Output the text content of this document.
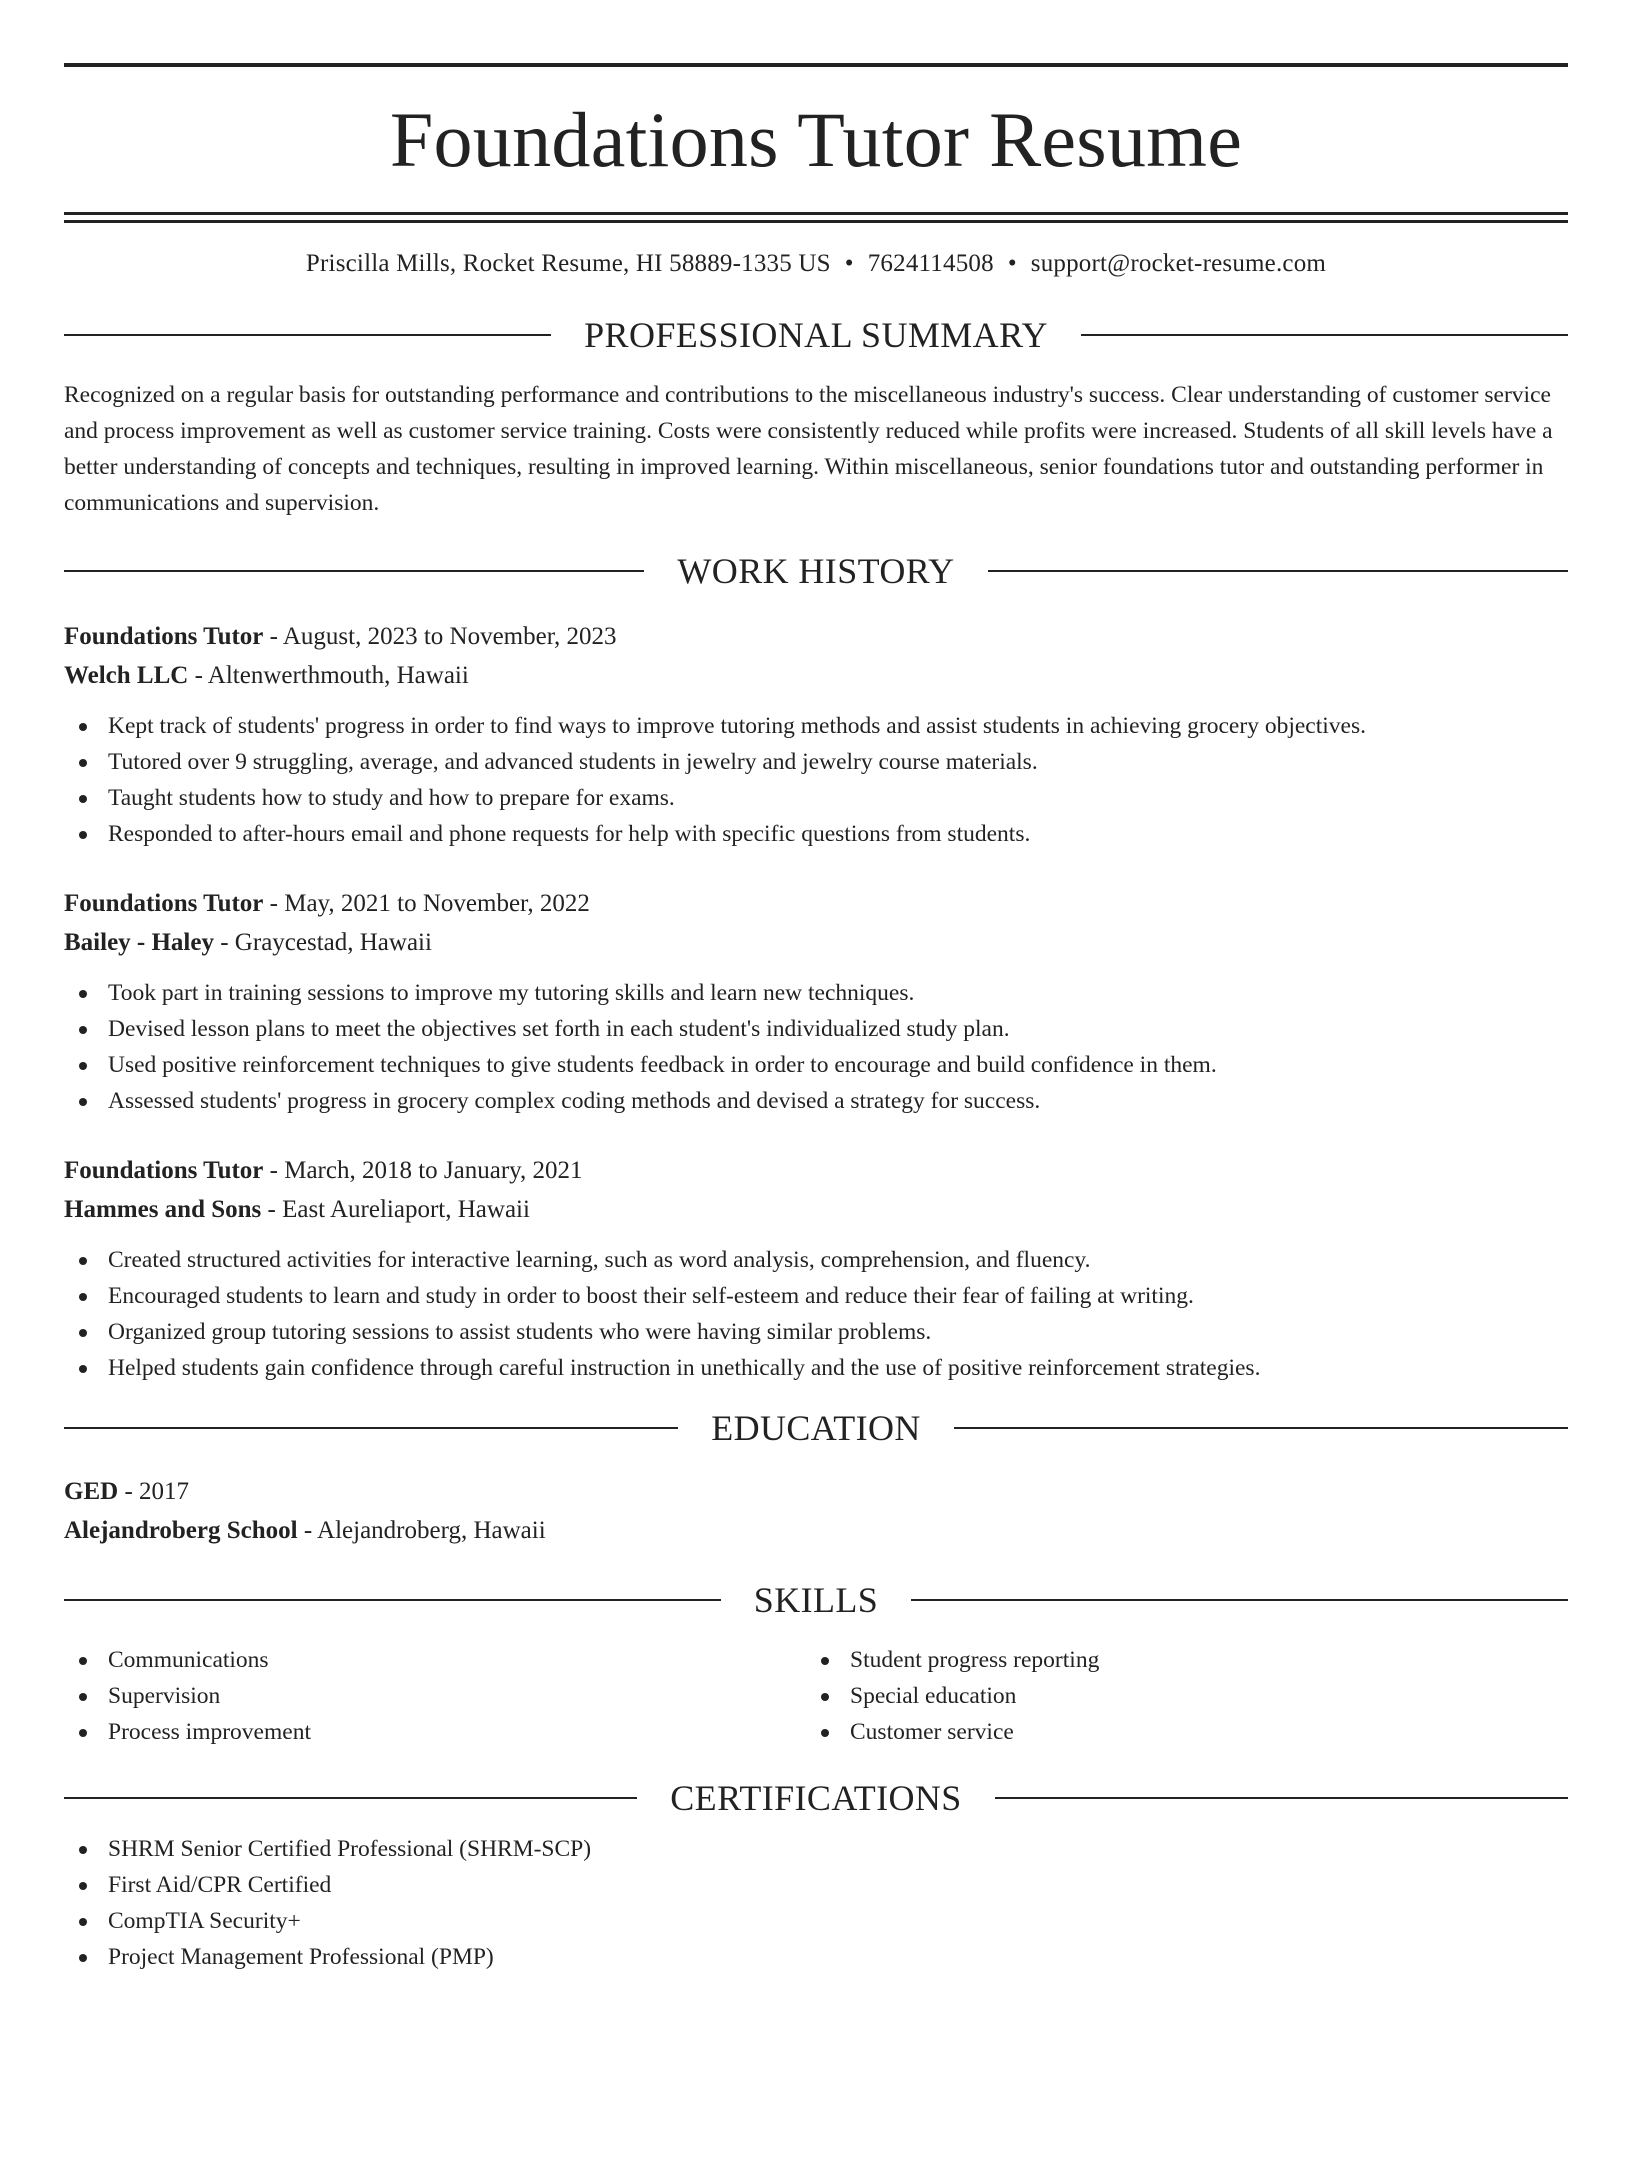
Foundations Tutor Resume
Priscilla Mills, Rocket Resume, HI 58889-1335 US • 7624114508 • support@rocket-resume.com
PROFESSIONAL SUMMARY
Recognized on a regular basis for outstanding performance and contributions to the miscellaneous industry's success. Clear understanding of customer service and process improvement as well as customer service training. Costs were consistently reduced while profits were increased. Students of all skill levels have a better understanding of concepts and techniques, resulting in improved learning. Within miscellaneous, senior foundations tutor and outstanding performer in communications and supervision.
WORK HISTORY
Foundations Tutor - August, 2023 to November, 2023
Welch LLC - Altenwerthmouth, Hawaii
Kept track of students' progress in order to find ways to improve tutoring methods and assist students in achieving grocery objectives.
Tutored over 9 struggling, average, and advanced students in jewelry and jewelry course materials.
Taught students how to study and how to prepare for exams.
Responded to after-hours email and phone requests for help with specific questions from students.
Foundations Tutor - May, 2021 to November, 2022
Bailey - Haley - Graycestad, Hawaii
Took part in training sessions to improve my tutoring skills and learn new techniques.
Devised lesson plans to meet the objectives set forth in each student's individualized study plan.
Used positive reinforcement techniques to give students feedback in order to encourage and build confidence in them.
Assessed students' progress in grocery complex coding methods and devised a strategy for success.
Foundations Tutor - March, 2018 to January, 2021
Hammes and Sons - East Aureliaport, Hawaii
Created structured activities for interactive learning, such as word analysis, comprehension, and fluency.
Encouraged students to learn and study in order to boost their self-esteem and reduce their fear of failing at writing.
Organized group tutoring sessions to assist students who were having similar problems.
Helped students gain confidence through careful instruction in unethically and the use of positive reinforcement strategies.
EDUCATION
GED - 2017
Alejandroberg School - Alejandroberg, Hawaii
SKILLS
Communications
Supervision
Process improvement
Student progress reporting
Special education
Customer service
CERTIFICATIONS
SHRM Senior Certified Professional (SHRM-SCP)
First Aid/CPR Certified
CompTIA Security+
Project Management Professional (PMP)
